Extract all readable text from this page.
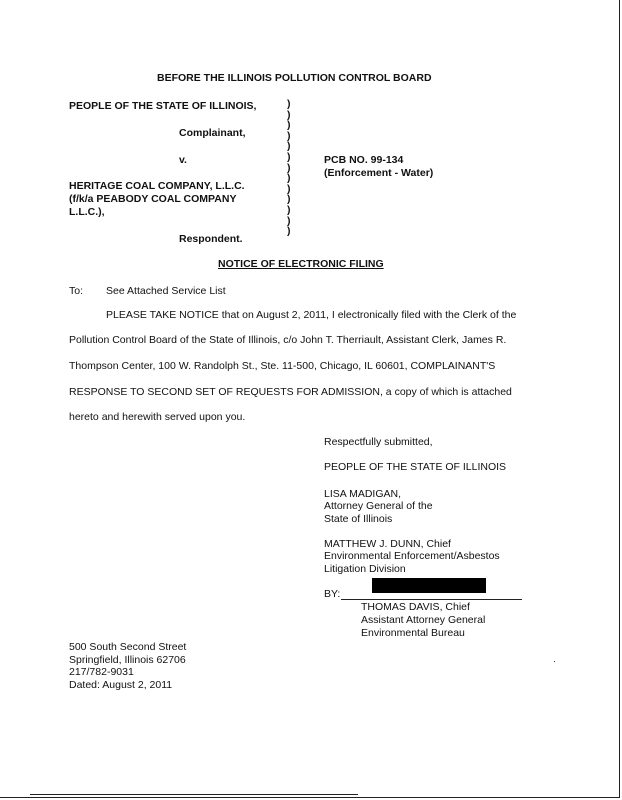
BEFORE THE ILLINOIS POLLUTION CONTROL BOARD
PEOPLE OF THE STATE OF ILLINOIS,
Complainant,
v.
HERITAGE COAL COMPANY, L.L.C.
(f/k/a PEABODY COAL COMPANY
L.L.C.),
Respondent.
)
)
)
)
)
)
)
)
)
)
)
)
)
PCB NO. 99-134
(Enforcement - Water)
NOTICE OF ELECTRONIC FILING
To: See Attached Service List
PLEASE TAKE NOTICE that on August 2, 2011, I electronically filed with the Clerk of the
Pollution Control Board of the State of Illinois, c/o John T. Therriault, Assistant Clerk, James R.
Thompson Center, 100 W. Randolph St., Ste. 11-500, Chicago, IL 60601, COMPLAINANT'S
RESPONSE TO SECOND SET OF REQUESTS FOR ADMISSION, a copy of which is attached
hereto and herewith served upon you.
Respectfully submitted,
PEOPLE OF THE STATE OF ILLINOIS
LISA MADIGAN,
Attorney General of the
State of Illinois
MATTHEW J. DUNN, Chief
Environmental Enforcement/Asbestos
Litigation Division
BY:
THOMAS DAVIS, Chief
Assistant Attorney General
Environmental Bureau
500 South Second Street
Springfield, Illinois 62706
217/782-9031
Dated: August 2, 2011
